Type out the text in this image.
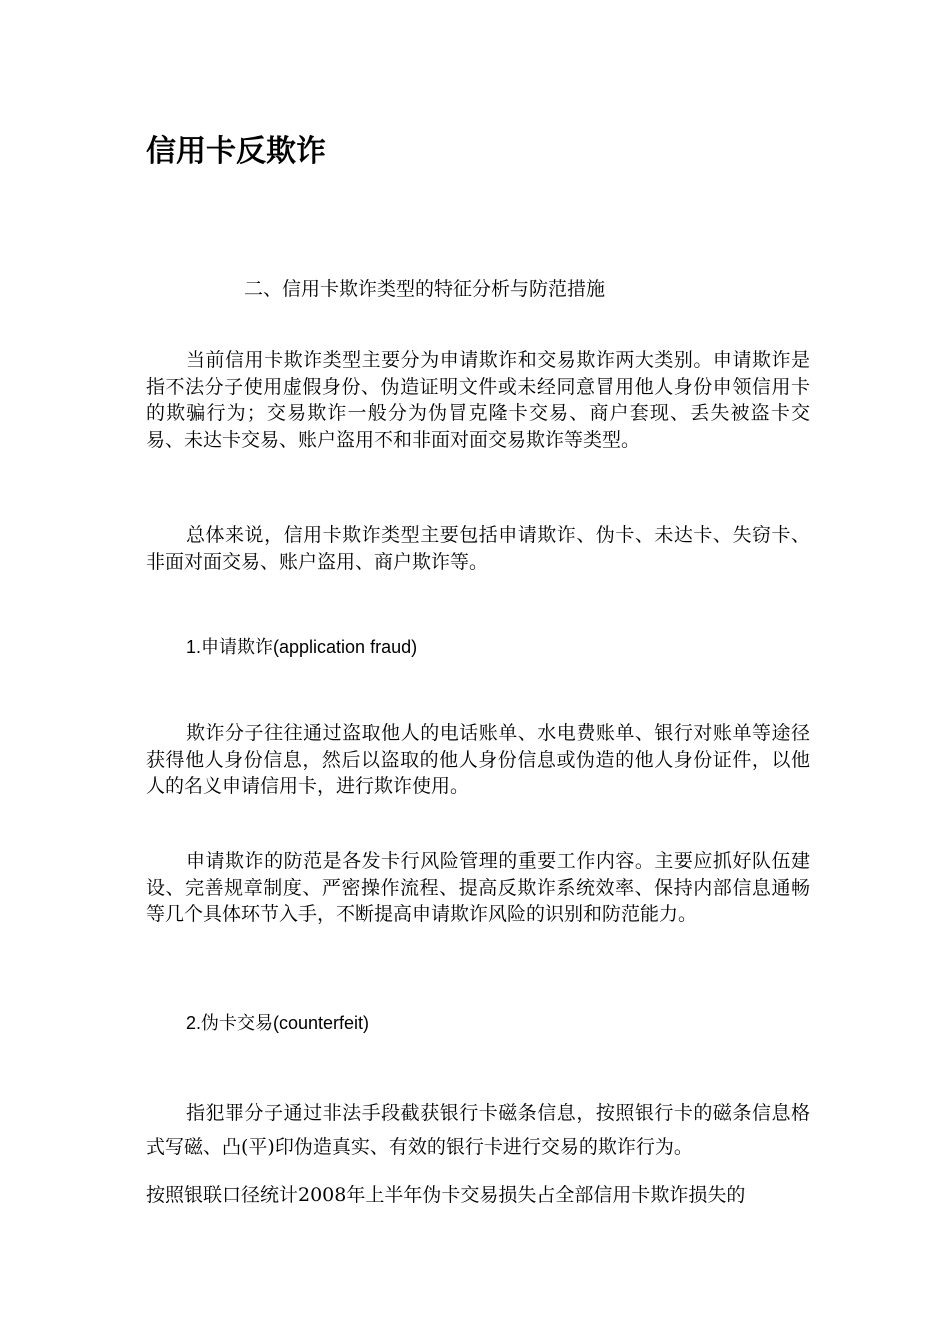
信用卡反欺诈

二、信用卡欺诈类型的特征分析与防范措施

当前信用卡欺诈类型主要分为申请欺诈和交易欺诈两大类别。申请欺诈是指不法分子使用虚假身份、伪造证明文件或未经同意冒用他人身份申领信用卡的欺骗行为；交易欺诈一般分为伪冒克隆卡交易、商户套现、丢失被盗卡交易、未达卡交易、账户盗用不和非面对面交易欺诈等类型。

总体来说，信用卡欺诈类型主要包括申请欺诈、伪卡、未达卡、失窃卡、非面对面交易、账户盗用、商户欺诈等。

1.申请欺诈(application fraud)

欺诈分子往往通过盗取他人的电话账单、水电费账单、银行对账单等途径获得他人身份信息，然后以盗取的他人身份信息或伪造的他人身份证件，以他人的名义申请信用卡，进行欺诈使用。

申请欺诈的防范是各发卡行风险管理的重要工作内容。主要应抓好队伍建设、完善规章制度、严密操作流程、提高反欺诈系统效率、保持内部信息通畅等几个具体环节入手，不断提高申请欺诈风险的识别和防范能力。

2.伪卡交易(counterfeit)

指犯罪分子通过非法手段截获银行卡磁条信息，按照银行卡的磁条信息格式写磁、凸(平)印伪造真实、有效的银行卡进行交易的欺诈行为。

按照银联口径统计2008年上半年伪卡交易损失占全部信用卡欺诈损失的
